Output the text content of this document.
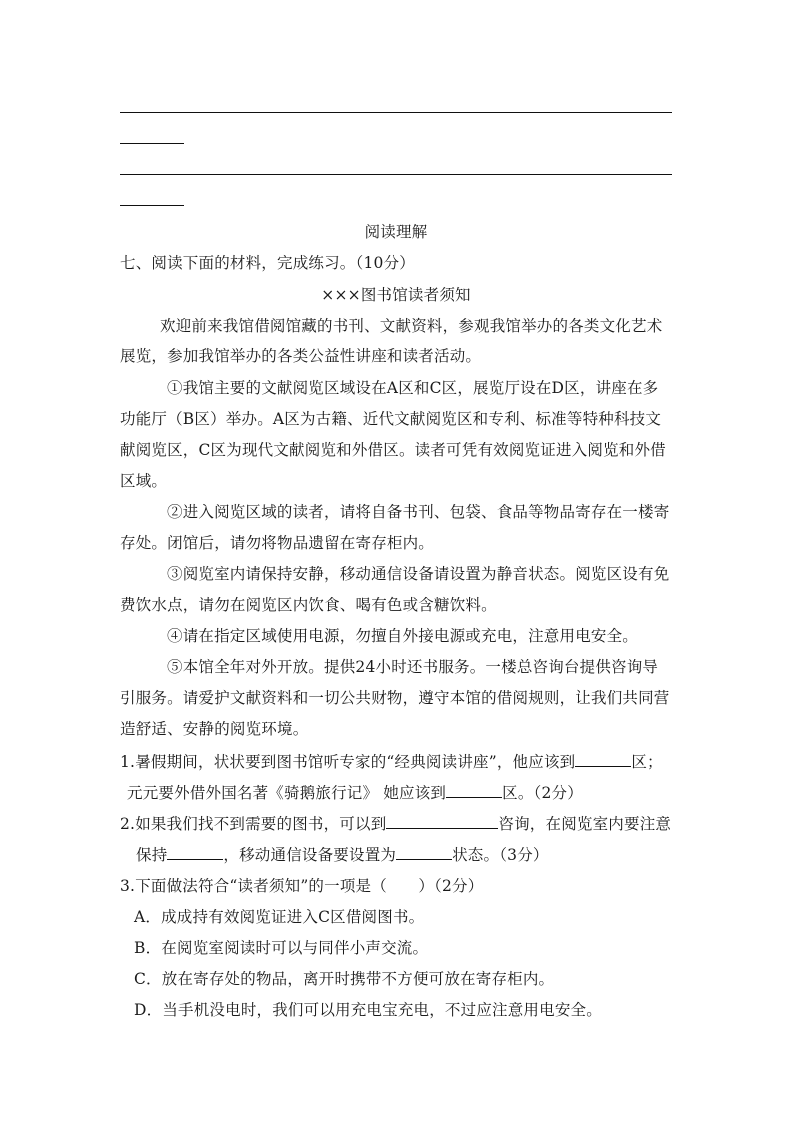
阅读理解
七、阅读下面的材料，完成练习。（10分）
×××图书馆读者须知
欢迎前来我馆借阅馆藏的书刊、文献资料，参观我馆举办的各类文化艺术
展览，参加我馆举办的各类公益性讲座和读者活动。
①我馆主要的文献阅览区域设在A区和C区，展览厅设在D区，讲座在多
功能厅（B区）举办。A区为古籍、近代文献阅览区和专利、标准等特种科技文
献阅览区，C区为现代文献阅览和外借区。读者可凭有效阅览证进入阅览和外借
区域。
②进入阅览区域的读者，请将自备书刊、包袋、食品等物品寄存在一楼寄
存处。闭馆后，请勿将物品遗留在寄存柜内。
③阅览室内请保持安静，移动通信设备请设置为静音状态。阅览区设有免
费饮水点，请勿在阅览区内饮食、喝有色或含糖饮料。
④请在指定区域使用电源，勿擅自外接电源或充电，注意用电安全。
⑤本馆全年对外开放。提供24小时还书服务。一楼总咨询台提供咨询导
引服务。请爱护文献资料和一切公共财物，遵守本馆的借阅规则，让我们共同营
造舒适、安静的阅览环境。
1.暑假期间，状状要到图书馆听专家的“经典阅读讲座”，他应该到	区；
元元要外借外国名著《骑鹅旅行记》 她应该到	区。（2分）
2.如果我们找不到需要的图书，可以到	咨询，在阅览室内要注意
保持	，移动通信设备要设置为	状态。（3分）
3.下面做法符合“读者须知”的一项是（　　）（2分）
A．成成持有效阅览证进入C区借阅图书。
B．在阅览室阅读时可以与同伴小声交流。
C．放在寄存处的物品，离开时携带不方便可放在寄存柜内。
D．当手机没电时，我们可以用充电宝充电，不过应注意用电安全。
